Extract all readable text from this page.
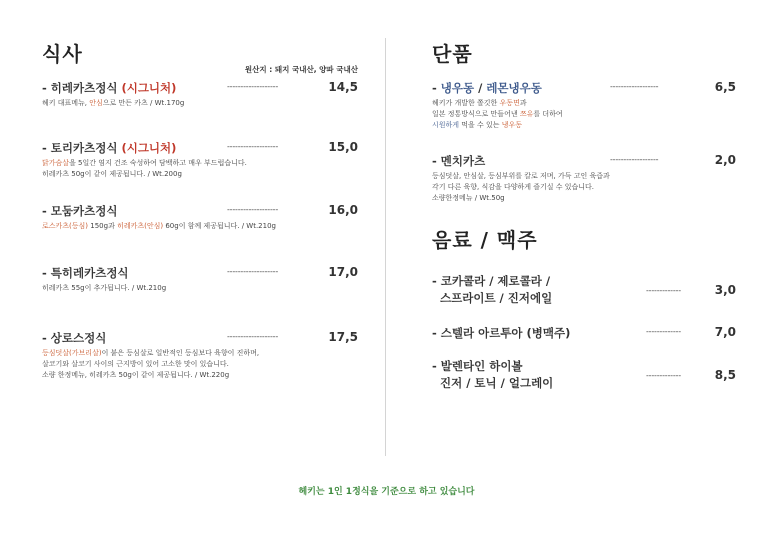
식사
원산지 : 돼지 국내산, 양파 국내산
- 히레카츠정식 (시그니처)	-------------------	14,5
헤키 대표메뉴, 안심으로 만든 카츠 / Wt.170g
- 토리카츠정식 (시그니처)	-------------------	15,0
닭가슴살을 5일간 염지 건조 숙성하여 담백하고 매우 부드럽습니다.
히레카츠 50g이 같이 제공됩니다. / Wt.200g
- 모둠카츠정식	-------------------	16,0
로스카츠(등심) 150g과 히레카츠(안심) 60g이 함께 제공됩니다. / Wt.210g
- 특히레카츠정식	-------------------	17,0
히레카츠 55g이 추가됩니다. / Wt.210g
- 상로스정식	-------------------	17,5
등심덧살(가브리살)이 붙은 등심살로 일반적인 등심보다 육향이 진하며,
살코기와 살코기 사이의 근지방이 있어 고소한 맛이 있습니다.
소량 한정메뉴, 히레카츠 50g이 같이 제공됩니다. / Wt.220g
단품
- 냉우동 / 레몬냉우동	------------------	6,5
헤키가 개발한 쫄깃한 우동면과
일본 정통방식으로 만들어낸 쯔유를 더하여
시원하게 먹을 수 있는 냉우동
- 멘치카츠	------------------	2,0
등심덧살, 안심살, 등심부위를 칼로 저며, 가득 고인 육즙과
각기 다른 육향, 식감을 다양하게 즐기실 수 있습니다.
소량한정메뉴 / Wt.50g
음료 / 맥주
- 코카콜라 / 제로콜라 /
스프라이트 / 진저에일
-------------	3,0
- 스텔라 아르투아 (병맥주)	-------------	7,0
- 발렌타인 하이볼
진저 / 토닉 / 얼그레이
-------------	8,5
헤키는 1인 1정식을 기준으로 하고 있습니다
